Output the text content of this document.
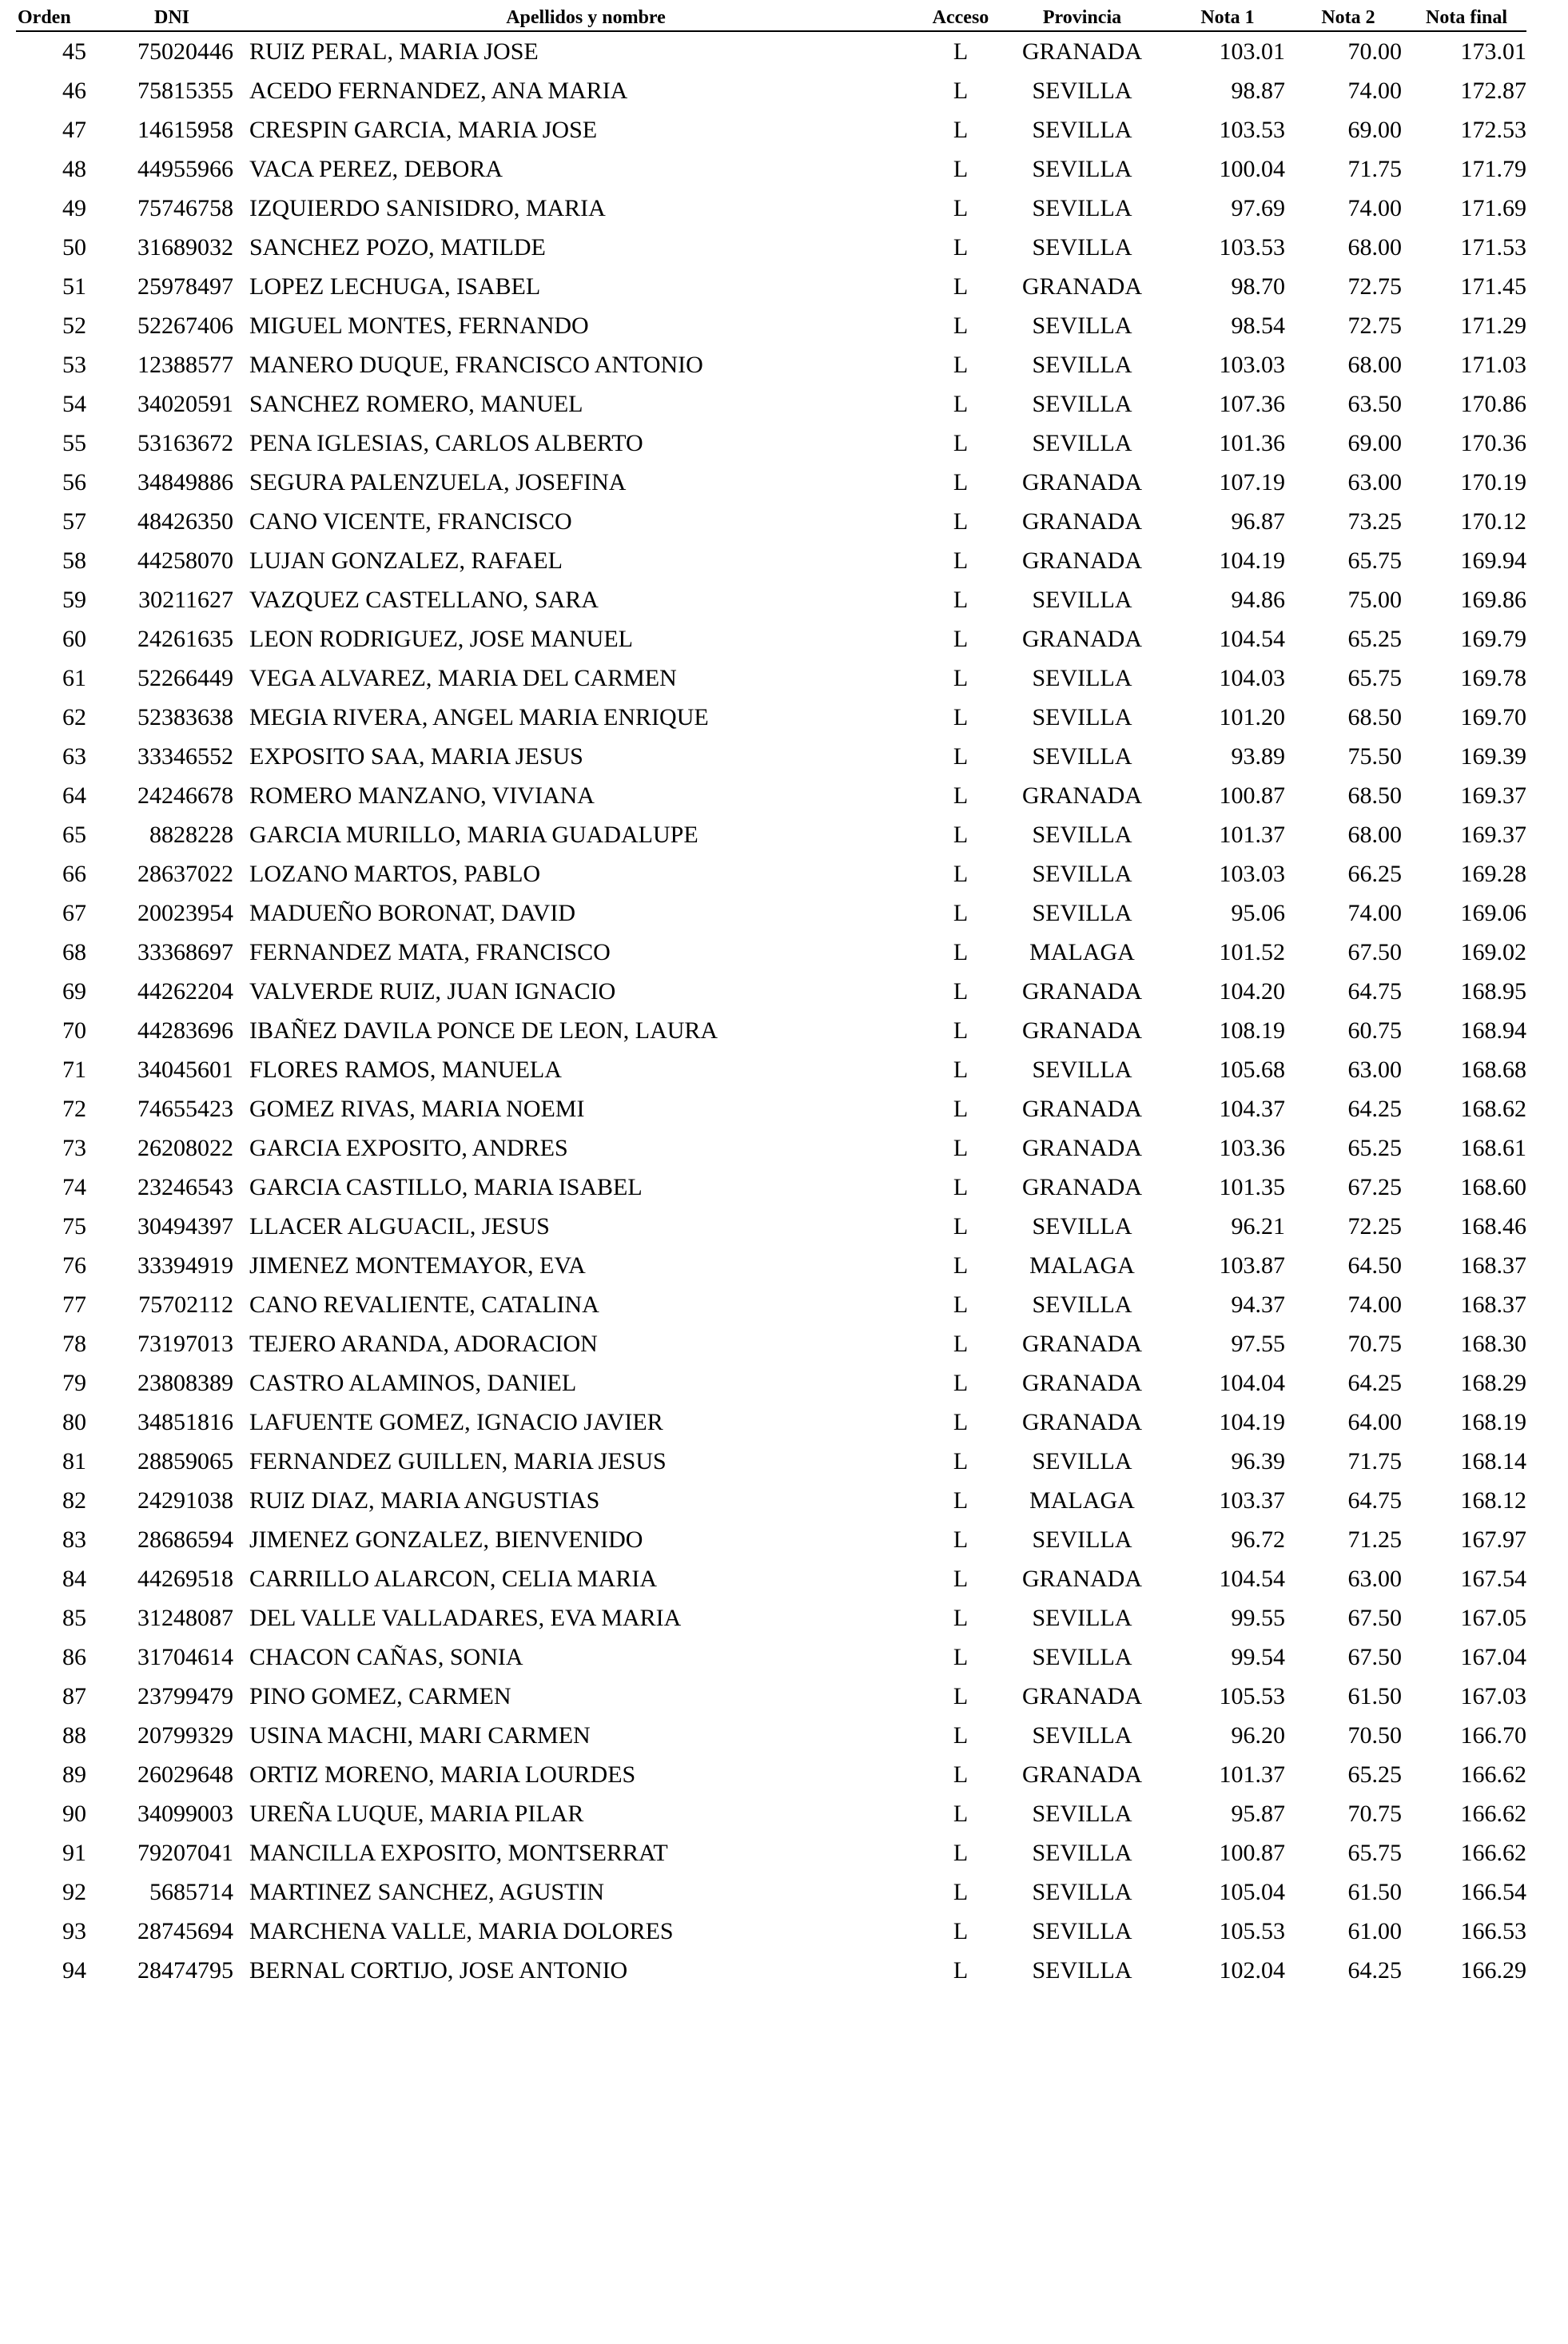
Orden	DNI	Apellidos y nombre	Acceso	Provincia	Nota 1	Nota 2	Nota final
45	75020446	RUIZ PERAL, MARIA JOSE	L	GRANADA	103.01	70.00	173.01
46	75815355	ACEDO FERNANDEZ, ANA MARIA	L	SEVILLA	98.87	74.00	172.87
47	14615958	CRESPIN GARCIA, MARIA JOSE	L	SEVILLA	103.53	69.00	172.53
48	44955966	VACA PEREZ, DEBORA	L	SEVILLA	100.04	71.75	171.79
49	75746758	IZQUIERDO SANISIDRO, MARIA	L	SEVILLA	97.69	74.00	171.69
50	31689032	SANCHEZ POZO, MATILDE	L	SEVILLA	103.53	68.00	171.53
51	25978497	LOPEZ LECHUGA, ISABEL	L	GRANADA	98.70	72.75	171.45
52	52267406	MIGUEL MONTES, FERNANDO	L	SEVILLA	98.54	72.75	171.29
53	12388577	MANERO DUQUE, FRANCISCO ANTONIO	L	SEVILLA	103.03	68.00	171.03
54	34020591	SANCHEZ ROMERO, MANUEL	L	SEVILLA	107.36	63.50	170.86
55	53163672	PENA IGLESIAS, CARLOS ALBERTO	L	SEVILLA	101.36	69.00	170.36
56	34849886	SEGURA PALENZUELA, JOSEFINA	L	GRANADA	107.19	63.00	170.19
57	48426350	CANO VICENTE, FRANCISCO	L	GRANADA	96.87	73.25	170.12
58	44258070	LUJAN GONZALEZ, RAFAEL	L	GRANADA	104.19	65.75	169.94
59	30211627	VAZQUEZ CASTELLANO, SARA	L	SEVILLA	94.86	75.00	169.86
60	24261635	LEON RODRIGUEZ, JOSE MANUEL	L	GRANADA	104.54	65.25	169.79
61	52266449	VEGA ALVAREZ, MARIA DEL CARMEN	L	SEVILLA	104.03	65.75	169.78
62	52383638	MEGIA RIVERA, ANGEL MARIA ENRIQUE	L	SEVILLA	101.20	68.50	169.70
63	33346552	EXPOSITO SAA, MARIA JESUS	L	SEVILLA	93.89	75.50	169.39
64	24246678	ROMERO MANZANO, VIVIANA	L	GRANADA	100.87	68.50	169.37
65	8828228	GARCIA MURILLO, MARIA GUADALUPE	L	SEVILLA	101.37	68.00	169.37
66	28637022	LOZANO MARTOS, PABLO	L	SEVILLA	103.03	66.25	169.28
67	20023954	MADUEÑO BORONAT, DAVID	L	SEVILLA	95.06	74.00	169.06
68	33368697	FERNANDEZ MATA, FRANCISCO	L	MALAGA	101.52	67.50	169.02
69	44262204	VALVERDE RUIZ, JUAN IGNACIO	L	GRANADA	104.20	64.75	168.95
70	44283696	IBAÑEZ DAVILA PONCE DE LEON, LAURA	L	GRANADA	108.19	60.75	168.94
71	34045601	FLORES RAMOS, MANUELA	L	SEVILLA	105.68	63.00	168.68
72	74655423	GOMEZ RIVAS, MARIA NOEMI	L	GRANADA	104.37	64.25	168.62
73	26208022	GARCIA EXPOSITO, ANDRES	L	GRANADA	103.36	65.25	168.61
74	23246543	GARCIA CASTILLO, MARIA ISABEL	L	GRANADA	101.35	67.25	168.60
75	30494397	LLACER ALGUACIL, JESUS	L	SEVILLA	96.21	72.25	168.46
76	33394919	JIMENEZ MONTEMAYOR, EVA	L	MALAGA	103.87	64.50	168.37
77	75702112	CANO REVALIENTE, CATALINA	L	SEVILLA	94.37	74.00	168.37
78	73197013	TEJERO ARANDA, ADORACION	L	GRANADA	97.55	70.75	168.30
79	23808389	CASTRO ALAMINOS, DANIEL	L	GRANADA	104.04	64.25	168.29
80	34851816	LAFUENTE GOMEZ, IGNACIO JAVIER	L	GRANADA	104.19	64.00	168.19
81	28859065	FERNANDEZ GUILLEN, MARIA JESUS	L	SEVILLA	96.39	71.75	168.14
82	24291038	RUIZ DIAZ, MARIA ANGUSTIAS	L	MALAGA	103.37	64.75	168.12
83	28686594	JIMENEZ GONZALEZ, BIENVENIDO	L	SEVILLA	96.72	71.25	167.97
84	44269518	CARRILLO ALARCON, CELIA MARIA	L	GRANADA	104.54	63.00	167.54
85	31248087	DEL VALLE VALLADARES, EVA MARIA	L	SEVILLA	99.55	67.50	167.05
86	31704614	CHACON CAÑAS, SONIA	L	SEVILLA	99.54	67.50	167.04
87	23799479	PINO GOMEZ, CARMEN	L	GRANADA	105.53	61.50	167.03
88	20799329	USINA MACHI, MARI CARMEN	L	SEVILLA	96.20	70.50	166.70
89	26029648	ORTIZ MORENO, MARIA LOURDES	L	GRANADA	101.37	65.25	166.62
90	34099003	UREÑA LUQUE, MARIA PILAR	L	SEVILLA	95.87	70.75	166.62
91	79207041	MANCILLA EXPOSITO, MONTSERRAT	L	SEVILLA	100.87	65.75	166.62
92	5685714	MARTINEZ SANCHEZ, AGUSTIN	L	SEVILLA	105.04	61.50	166.54
93	28745694	MARCHENA VALLE, MARIA DOLORES	L	SEVILLA	105.53	61.00	166.53
94	28474795	BERNAL CORTIJO, JOSE ANTONIO	L	SEVILLA	102.04	64.25	166.29
